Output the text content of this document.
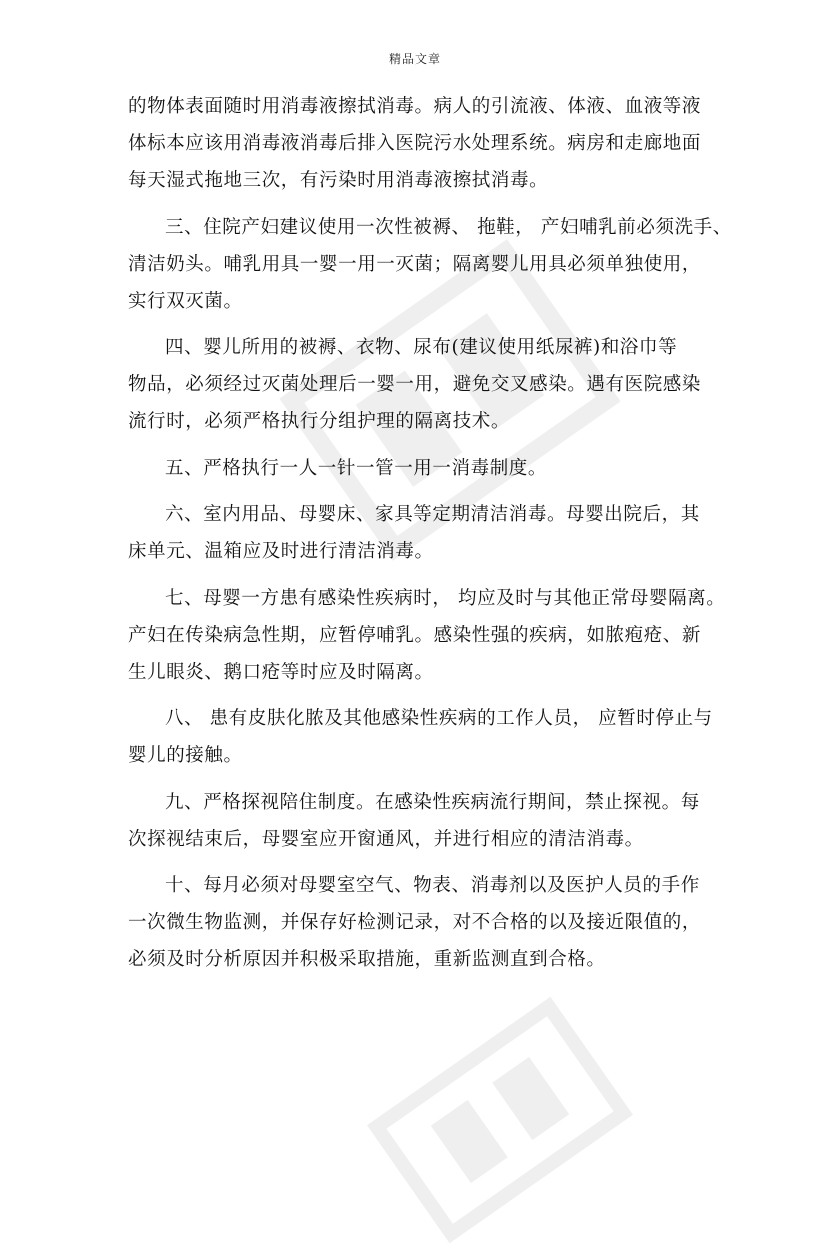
精品文章
的物体表面随时用消毒液擦拭消毒。病人的引流液、体液、血液等液
体标本应该用消毒液消毒后排入医院污水处理系统。病房和走廊地面
每天湿式拖地三次，有污染时用消毒液擦拭消毒。
三、住院产妇建议使用一次性被褥、 拖鞋， 产妇哺乳前必须洗手、
清洁奶头。哺乳用具一婴一用一灭菌；隔离婴儿用具必须单独使用，
实行双灭菌。
四、婴儿所用的被褥、衣物、尿布(建议使用纸尿裤)和浴巾等
物品，必须经过灭菌处理后一婴一用，避免交叉感染。遇有医院感染
流行时，必须严格执行分组护理的隔离技术。
五、严格执行一人一针一管一用一消毒制度。
六、室内用品、母婴床、家具等定期清洁消毒。母婴出院后，其
床单元、温箱应及时进行清洁消毒。
七、母婴一方患有感染性疾病时， 均应及时与其他正常母婴隔离。
产妇在传染病急性期，应暂停哺乳。感染性强的疾病，如脓疱疮、新
生儿眼炎、鹅口疮等时应及时隔离。
八、 患有皮肤化脓及其他感染性疾病的工作人员， 应暂时停止与
婴儿的接触。
九、严格探视陪住制度。在感染性疾病流行期间，禁止探视。每
次探视结束后，母婴室应开窗通风，并进行相应的清洁消毒。
十、每月必须对母婴室空气、物表、消毒剂以及医护人员的手作
一次微生物监测，并保存好检测记录，对不合格的以及接近限值的，
必须及时分析原因并积极采取措施，重新监测直到合格。
